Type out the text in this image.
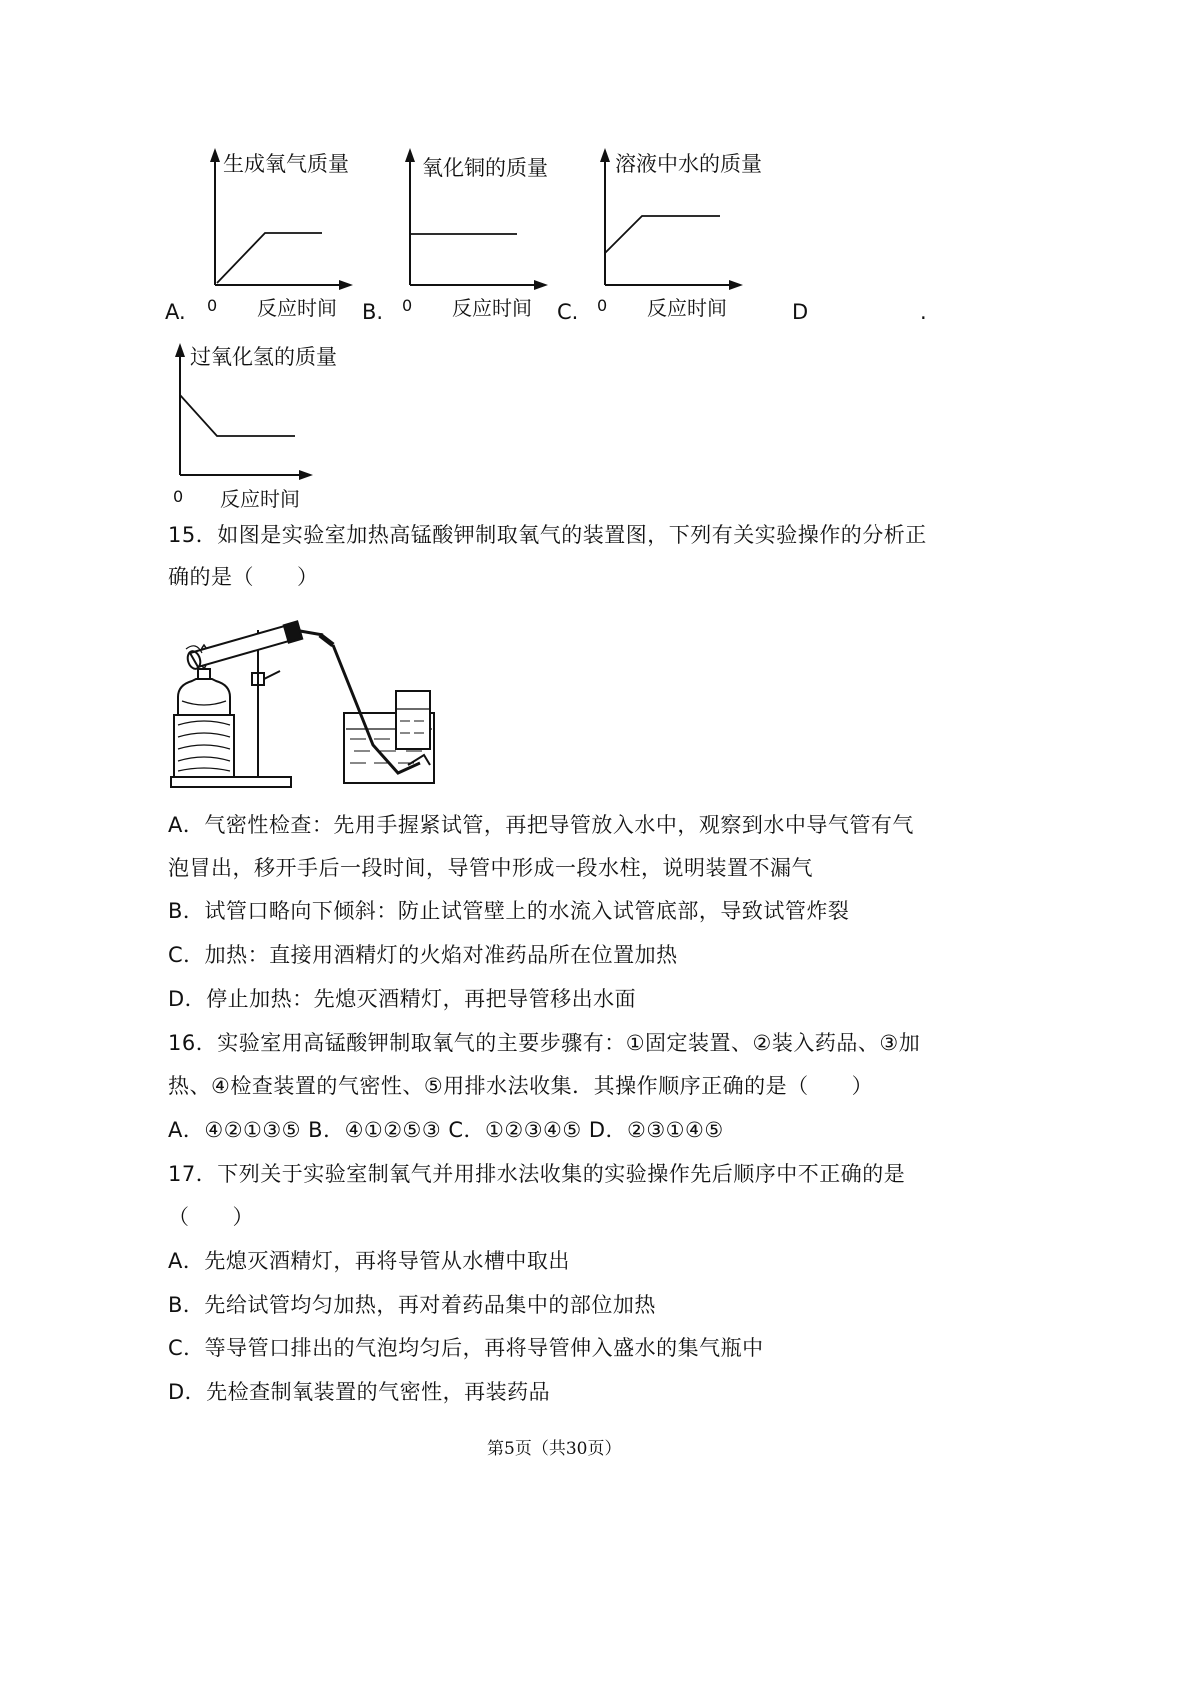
A.
生成氧气质量
0 反应时间 B.
氧化铜的质量
0 反应时间 C.
溶液中水的质量
0 反应时间	D	.
过氧化氢的质量
0 反应时间
15．如图是实验室加热高锰酸钾制取氧气的装置图，下列有关实验操作的分析正
确的是（　　）
A．气密性检查：先用手握紧试管，再把导管放入水中，观察到水中导气管有气
泡冒出，移开手后一段时间，导管中形成一段水柱，说明装置不漏气
B．试管口略向下倾斜：防止试管壁上的水流入试管底部，导致试管炸裂
C．加热：直接用酒精灯的火焰对准药品所在位置加热
D．停止加热：先熄灭酒精灯，再把导管移出水面
16．实验室用高锰酸钾制取氧气的主要步骤有：①固定装置、②装入药品、③加
热、④检查装置的气密性、⑤用排水法收集．其操作顺序正确的是（　　）
A．④②①③⑤ B．④①②⑤③ C．①②③④⑤ D．②③①④⑤
17．下列关于实验室制氧气并用排水法收集的实验操作先后顺序中不正确的是
（　　）
A．先熄灭酒精灯，再将导管从水槽中取出
B．先给试管均匀加热，再对着药品集中的部位加热
C．等导管口排出的气泡均匀后，再将导管伸入盛水的集气瓶中
D．先检查制氧装置的气密性，再装药品
第5页（共30页）
